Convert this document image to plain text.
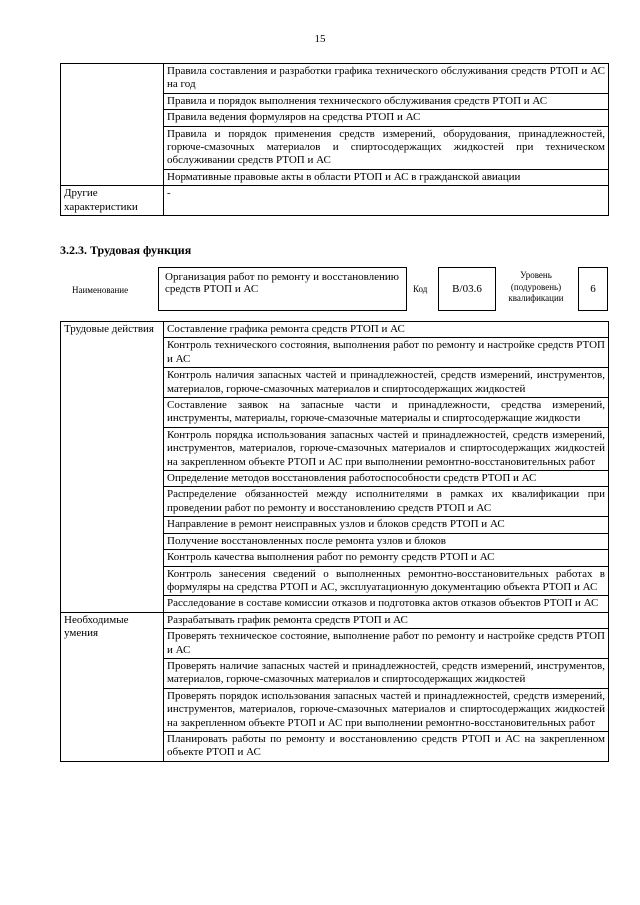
15
	Правила составления и разработки графика технического обслуживания средств РТОП и АС на год
	Правила и порядок выполнения технического обслуживания средств РТОП и АС
	Правила ведения формуляров на средства РТОП и АС
	Правила и порядок применения средств измерений, оборудования, принадлежностей, горюче-смазочных материалов и спиртосодержащих жидкостей при техническом обслуживании средств РТОП и АС
	Нормативные правовые акты в области РТОП и АС в гражданской авиации
Другие характеристики	-
3.2.3. Трудовая функция
Наименование
Организация работ по ремонту и восстановлению средств РТОП и АС	Код B/03.6
Уровень (подуровень) квалификации
6
Трудовые действия	Составление графика ремонта средств РТОП и АС
	Контроль технического состояния, выполнения работ по ремонту и настройке средств РТОП и АС
	Контроль наличия запасных частей и принадлежностей, средств измерений, инструментов, материалов, горюче-смазочных материалов и спиртосодержащих жидкостей
	Составление заявок на запасные части и принадлежности, средства измерений, инструменты, материалы, горюче-смазочные материалы и спиртосодержащие жидкости
	Контроль порядка использования запасных частей и принадлежностей, средств измерений, инструментов, материалов, горюче-смазочных материалов и спиртосодержащих жидкостей на закрепленном объекте РТОП и АС при выполнении ремонтно-восстановительных работ
	Определение методов восстановления работоспособности средств РТОП и АС
	Распределение обязанностей между исполнителями в рамках их квалификации при проведении работ по ремонту и восстановлению средств РТОП и АС
	Направление в ремонт неисправных узлов и блоков средств РТОП и АС
	Получение восстановленных после ремонта узлов и блоков
	Контроль качества выполнения работ по ремонту средств РТОП и АС
	Контроль занесения сведений о выполненных ремонтно-восстановительных работах в формуляры на средства РТОП и АС, эксплуатационную документацию объекта РТОП и АС
	Расследование в составе комиссии отказов и подготовка актов отказов объектов РТОП и АС
Необходимые умения	Разрабатывать график ремонта средств РТОП и АС
	Проверять техническое состояние, выполнение работ по ремонту и настройке средств РТОП и АС
	Проверять наличие запасных частей и принадлежностей, средств измерений, инструментов, материалов, горюче-смазочных материалов и спиртосодержащих жидкостей
	Проверять порядок использования запасных частей и принадлежностей, средств измерений, инструментов, материалов, горюче-смазочных материалов и спиртосодержащих жидкостей на закрепленном объекте РТОП и АС при выполнении ремонтно-восстановительных работ
	Планировать работы по ремонту и восстановлению средств РТОП и АС на закрепленном объекте РТОП и АС
